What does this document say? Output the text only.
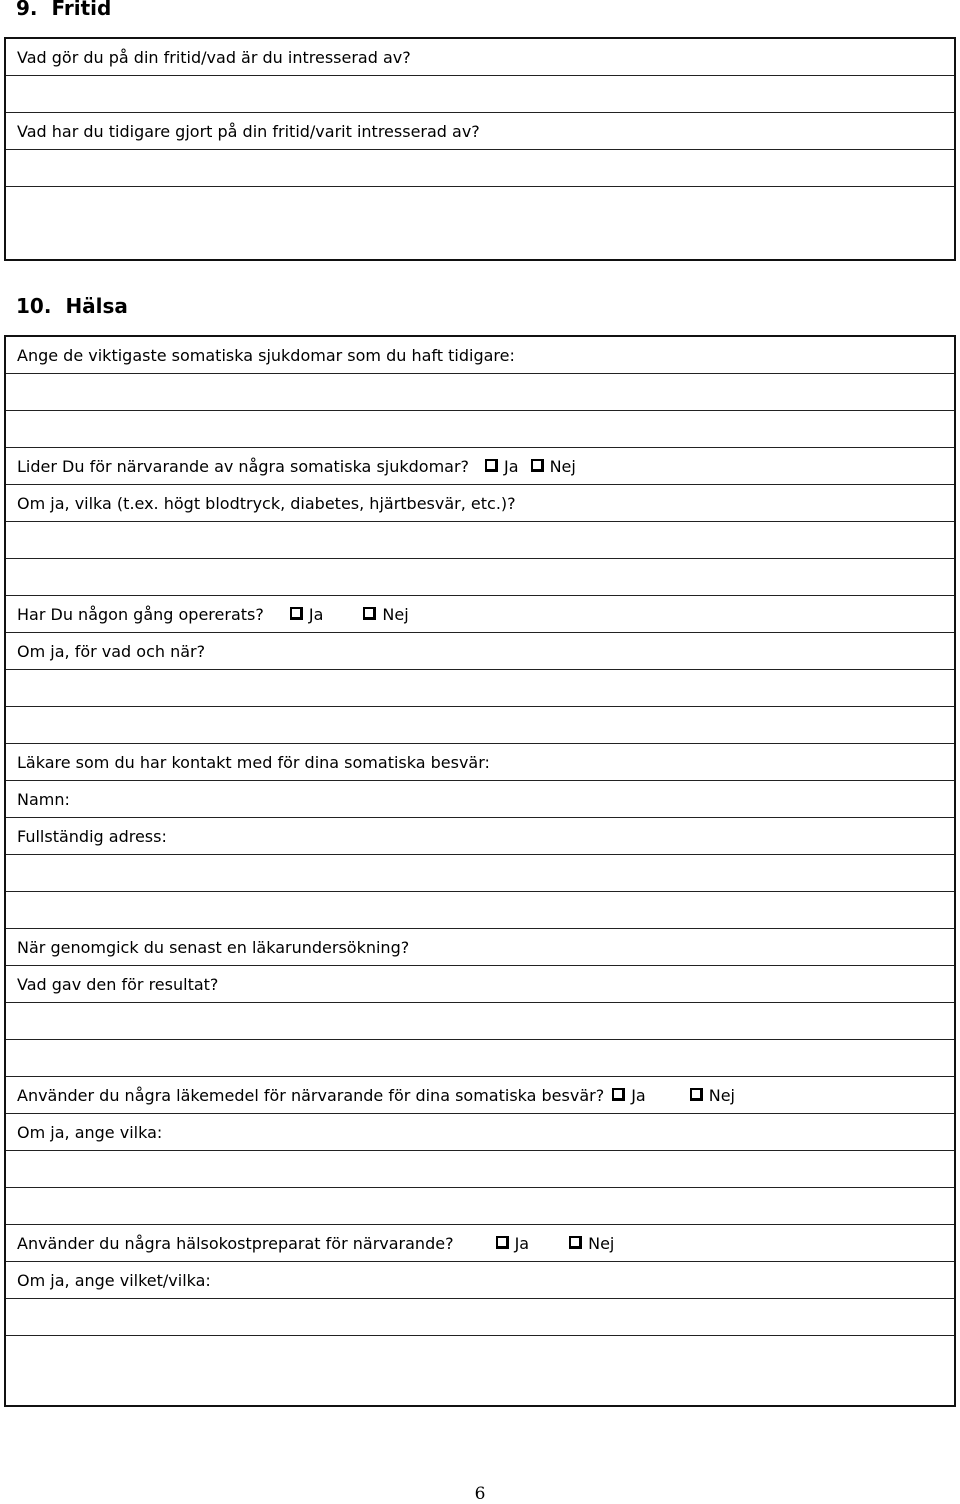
9. Fritid
Vad gör du på din fritid/vad är du intresserad av?
Vad har du tidigare gjort på din fritid/varit intresserad av?
10. Hälsa
Ange de viktigaste somatiska sjukdomar som du haft tidigare:
Lider Du för närvarande av några somatiska sjukdomar? Ja Nej
Om ja, vilka (t.ex. högt blodtryck, diabetes, hjärtbesvär, etc.)?
Har Du någon gång opererats?	Ja	Nej
Om ja, för vad och när?
Läkare som du har kontakt med för dina somatiska besvär:
Namn:
Fullständig adress:
När genomgick du senast en läkarundersökning?
Vad gav den för resultat?
Använder du några läkemedel för närvarande för dina somatiska besvär? Ja	Nej
Om ja, ange vilka:
Använder du några hälsokostpreparat för närvarande?	Ja	Nej
Om ja, ange vilket/vilka:
6
